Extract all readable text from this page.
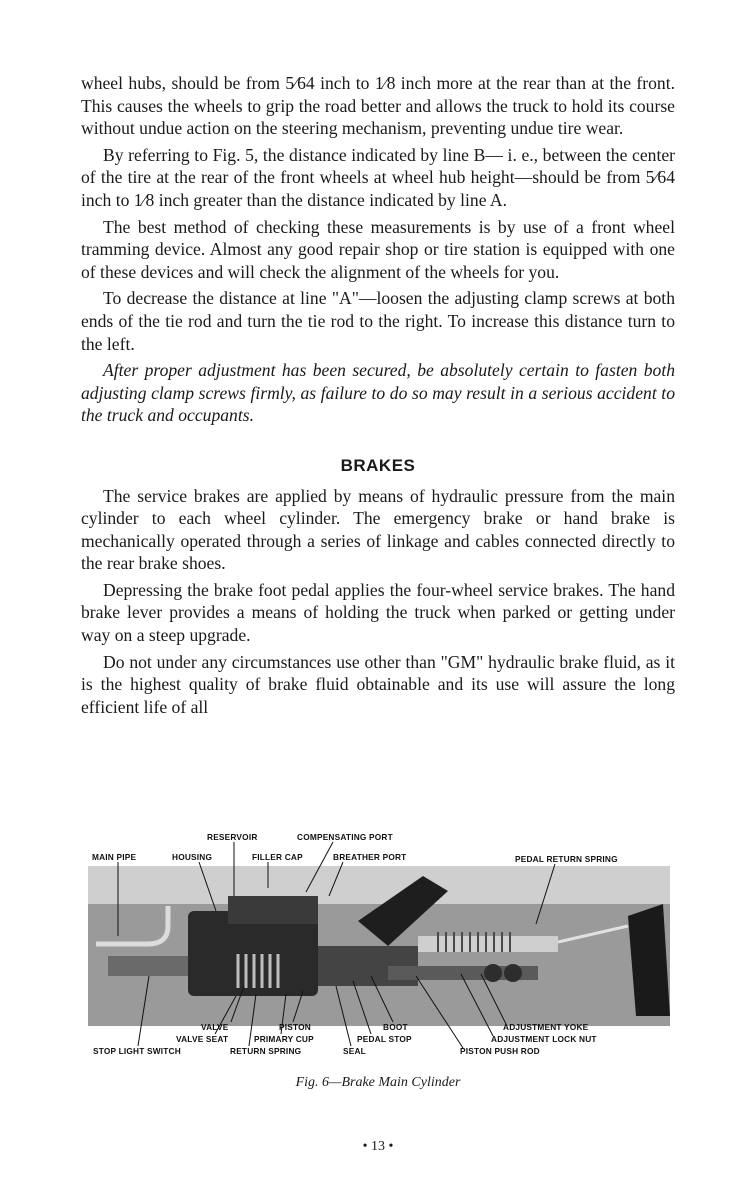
wheel hubs, should be from 5⁄64 inch to 1⁄8 inch more at the rear than at the front. This causes the wheels to grip the road better and allows the truck to hold its course without undue action on the steering mechanism, preventing undue tire wear.

By referring to Fig. 5, the distance indicated by line B— i. e., between the center of the tire at the rear of the front wheels at wheel hub height—should be from 5⁄64 inch to 1⁄8 inch greater than the distance indicated by line A.

The best method of checking these measurements is by use of a front wheel tramming device. Almost any good repair shop or tire station is equipped with one of these devices and will check the alignment of the wheels for you.

To decrease the distance at line "A"—loosen the adjusting clamp screws at both ends of the tie rod and turn the tie rod to the right. To increase this distance turn to the left.

After proper adjustment has been secured, be absolutely certain to fasten both adjusting clamp screws firmly, as failure to do so may result in a serious accident to the truck and occupants.

BRAKES

The service brakes are applied by means of hydraulic pressure from the main cylinder to each wheel cylinder. The emergency brake or hand brake is mechanically operated through a series of linkage and cables connected directly to the rear brake shoes.

Depressing the brake foot pedal applies the four-wheel service brakes. The hand brake lever provides a means of holding the truck when parked or getting under way on a steep upgrade.

Do not under any circumstances use other than "GM" hydraulic brake fluid, as it is the highest quality of brake fluid obtainable and its use will assure the long efficient life of all

RESERVOIR	COMPENSATING PORT
MAIN PIPE	HOUSING	FILLER CAP	BREATHER PORT	PEDAL RETURN SPRING
VALVE	PISTON	BOOT	ADJUSTMENT YOKE
VALVE SEAT	PRIMARY CUP	PEDAL STOP	ADJUSTMENT LOCK NUT
STOP LIGHT SWITCH	RETURN SPRING	SEAL	PISTON PUSH ROD
Fig. 6—Brake Main Cylinder
• 13 •
